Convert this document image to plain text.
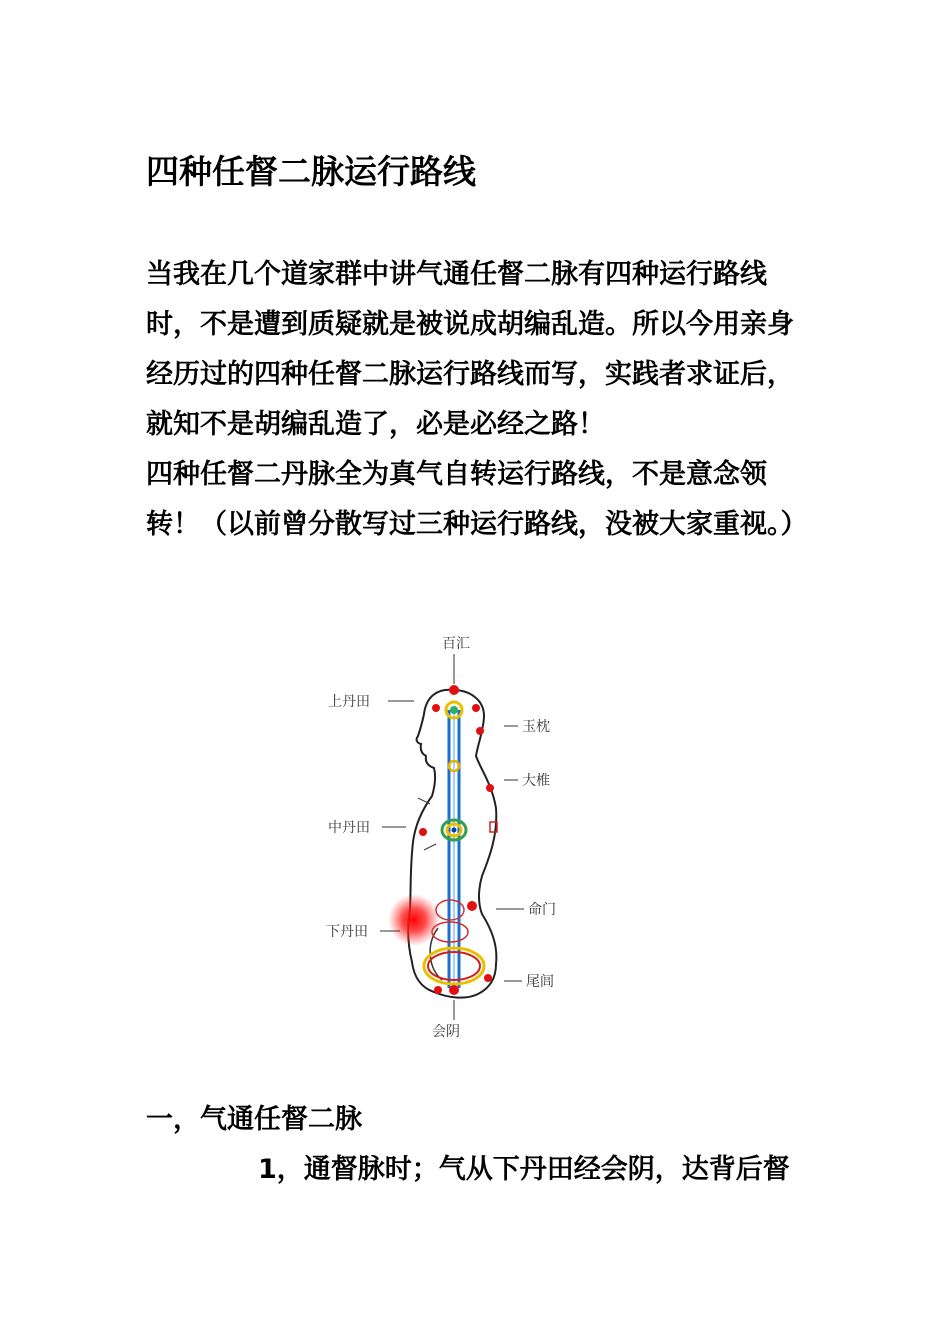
四种任督二脉运行路线

当我在几个道家群中讲气通任督二脉有四种运行路线时，不是遭到质疑就是被说成胡编乱造。所以今用亲身经历过的四种任督二脉运行路线而写，实践者求证后，就知不是胡编乱造了，必是必经之路！

四种任督二丹脉全为真气自转运行路线，不是意念领转！（以前曾分散写过三种运行路线，没被大家重视。）

百汇
上丹田
玉枕
大椎
中丹田
命门
下丹田
尾闾
会阴
一，气通任督二脉
1，通督脉时；气从下丹田经会阴，达背后督
